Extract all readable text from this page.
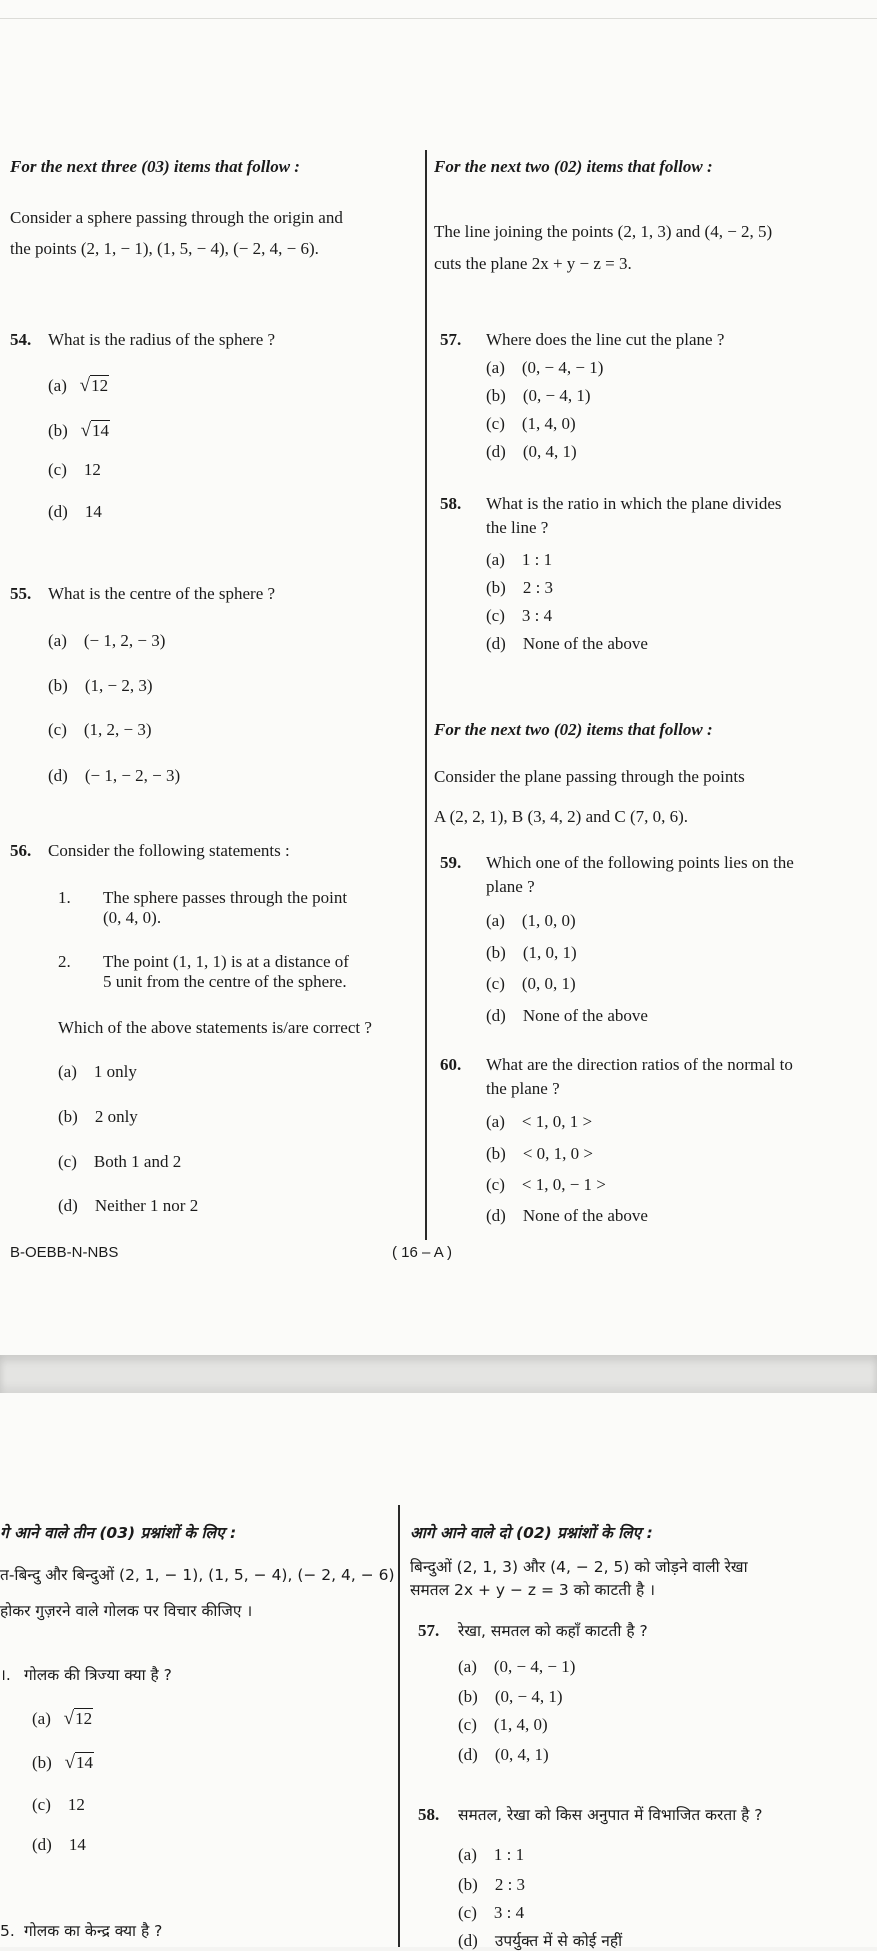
For the next three (03) items that follow :
Consider a sphere passing through the origin and
the points (2, 1, − 1), (1, 5, − 4), (− 2, 4, − 6).
54. What is the radius of the sphere ?
(a) √12
(b) √14
(c) 12
(d) 14
55. What is the centre of the sphere ?
(a) (− 1, 2, − 3)
(b) (1, − 2, 3)
(c) (1, 2, − 3)
(d) (− 1, − 2, − 3)
56. Consider the following statements :
1. The sphere passes through the point
(0, 4, 0).
2. The point (1, 1, 1) is at a distance of
5 unit from the centre of the sphere.
Which of the above statements is/are correct ?
(a) 1 only
(b) 2 only
(c) Both 1 and 2
(d) Neither 1 nor 2
For the next two (02) items that follow :
The line joining the points (2, 1, 3) and (4, − 2, 5)
cuts the plane 2x + y − z = 3.
57. Where does the line cut the plane ?
(a) (0, − 4, − 1)
(b) (0, − 4, 1)
(c) (1, 4, 0)
(d) (0, 4, 1)
58. What is the ratio in which the plane divides
the line ?
(a) 1 : 1
(b) 2 : 3
(c) 3 : 4
(d) None of the above
For the next two (02) items that follow :
Consider the plane passing through the points
A (2, 2, 1), B (3, 4, 2) and C (7, 0, 6).
59. Which one of the following points lies on the
plane ?
(a) (1, 0, 0)
(b) (1, 0, 1)
(c) (0, 0, 1)
(d) None of the above
60. What are the direction ratios of the normal to
the plane ?
(a) < 1, 0, 1 >
(b) < 0, 1, 0 >
(c) < 1, 0, − 1 >
(d) None of the above
B-OEBB-N-NBS	( 16 – A )
गे आने वाले तीन (03) प्रश्नांशों के लिए :
त-बिन्दु और बिन्दुओं (2, 1, − 1), (1, 5, − 4), (− 2, 4, − 6)
होकर गुज़रने वाले गोलक पर विचार कीजिए ।
।. गोलक की त्रिज्या क्या है ?
(a) √12
(b) √14
(c) 12
(d) 14
5. गोलक का केन्द्र क्या है ?
आगे आने वाले दो (02) प्रश्नांशों के लिए :
बिन्दुओं (2, 1, 3) और (4, − 2, 5) को जोड़ने वाली रेखा
समतल 2x + y − z = 3 को काटती है ।
57. रेखा, समतल को कहाँ काटती है ?
(a) (0, − 4, − 1)
(b) (0, − 4, 1)
(c) (1, 4, 0)
(d) (0, 4, 1)
58. समतल, रेखा को किस अनुपात में विभाजित करता है ?
(a) 1 : 1
(b) 2 : 3
(c) 3 : 4
(d) उपर्युक्त में से कोई नहीं
